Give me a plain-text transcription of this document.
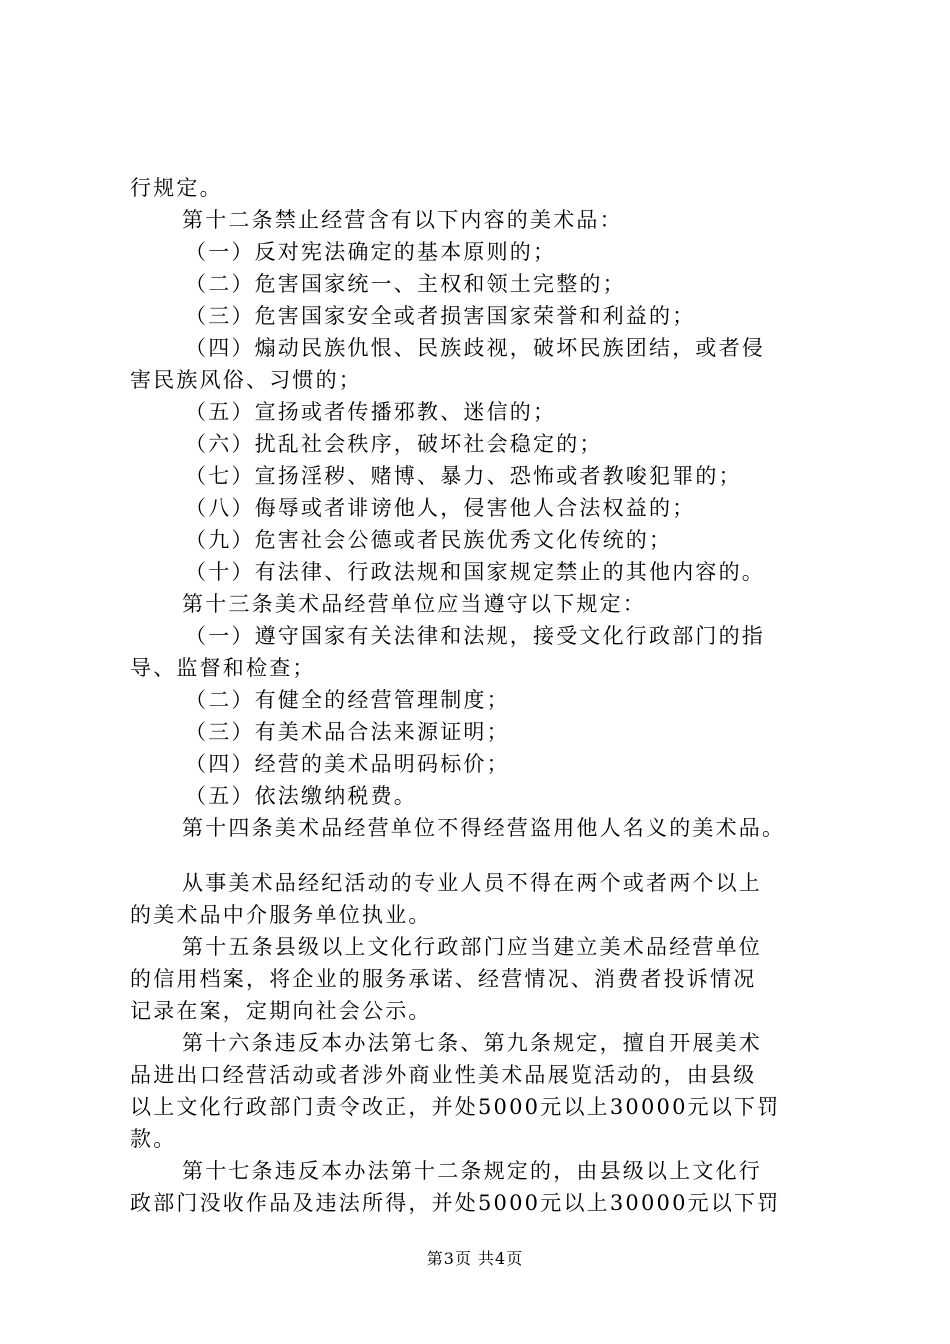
行规定。
第十二条禁止经营含有以下内容的美术品：
（一）反对宪法确定的基本原则的；
（二）危害国家统一、主权和领土完整的；
（三）危害国家安全或者损害国家荣誉和利益的；
（四）煽动民族仇恨、民族歧视，破坏民族团结，或者侵
害民族风俗、习惯的；
（五）宣扬或者传播邪教、迷信的；
（六）扰乱社会秩序，破坏社会稳定的；
（七）宣扬淫秽、赌博、暴力、恐怖或者教唆犯罪的；
（八）侮辱或者诽谤他人，侵害他人合法权益的；
（九）危害社会公德或者民族优秀文化传统的；
（十）有法律、行政法规和国家规定禁止的其他内容的。
第十三条美术品经营单位应当遵守以下规定：
（一）遵守国家有关法律和法规，接受文化行政部门的指
导、监督和检查；
（二）有健全的经营管理制度；
（三）有美术品合法来源证明；
（四）经营的美术品明码标价；
（五）依法缴纳税费。
第十四条美术品经营单位不得经营盗用他人名义的美术品。
从事美术品经纪活动的专业人员不得在两个或者两个以上
的美术品中介服务单位执业。
第十五条县级以上文化行政部门应当建立美术品经营单位
的信用档案，将企业的服务承诺、经营情况、消费者投诉情况
记录在案，定期向社会公示。
第十六条违反本办法第七条、第九条规定，擅自开展美术
品进出口经营活动或者涉外商业性美术品展览活动的，由县级
以上文化行政部门责令改正，并处5000元以上30000元以下罚
款。
第十七条违反本办法第十二条规定的，由县级以上文化行
政部门没收作品及违法所得，并处5000元以上30000元以下罚
第3页 共4页
